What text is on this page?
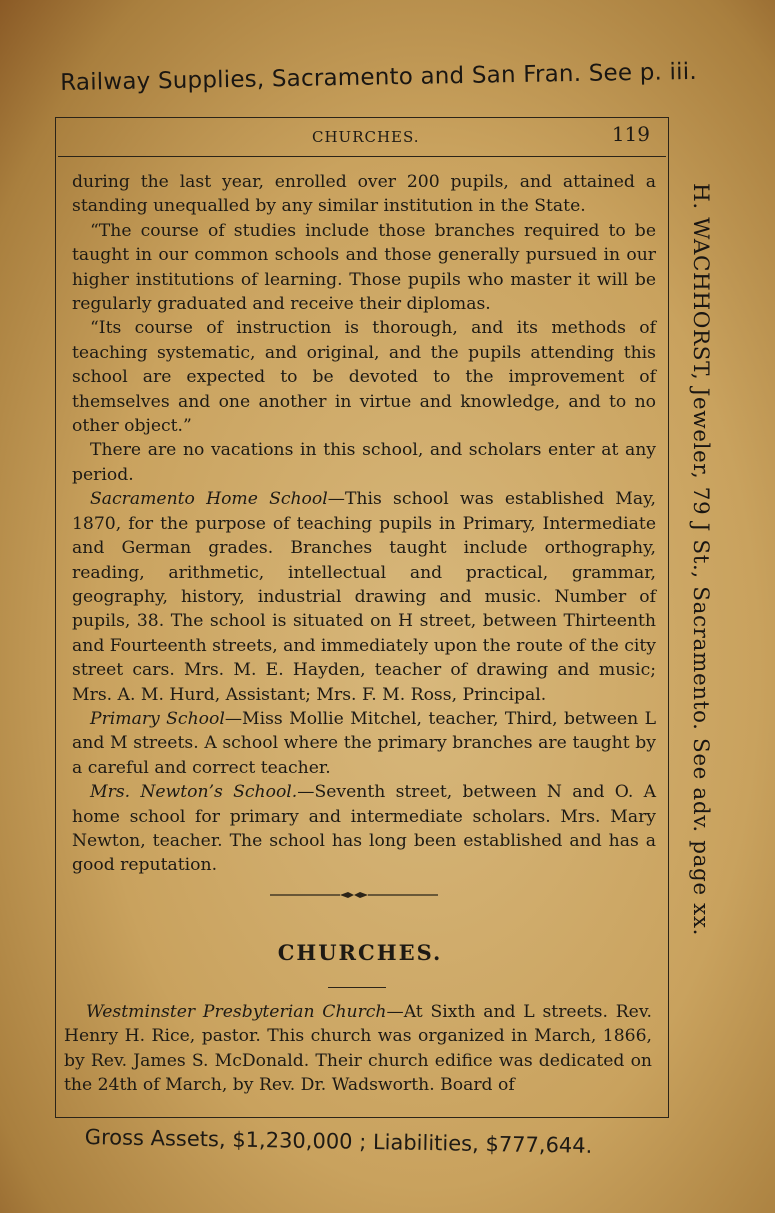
Railway Supplies, Sacramento and San Fran. See p. iii.
CHURCHES.	119

during the last year, enrolled over 200 pupils, and attained a standing unequalled by any similar institution in the State.

“The course of studies include those branches required to be taught in our common schools and those generally pursued in our higher institutions of learning. Those pupils who master it will be regularly graduated and receive their diplomas.

“Its course of instruction is thorough, and its methods of teaching systematic, and original, and the pupils attending this school are expected to be devoted to the improvement of themselves and one another in virtue and knowledge, and to no other object.”

There are no vacations in this school, and scholars enter at any period.

Sacramento Home School—This school was established May, 1870, for the purpose of teaching pupils in Primary, Intermediate and German grades. Branches taught include orthography, reading, arithmetic, intellectual and practical, grammar, geography, history, industrial drawing and music. Number of pupils, 38. The school is situated on H street, between Thirteenth and Fourteenth streets, and immediately upon the route of the city street cars. Mrs. M. E. Hayden, teacher of drawing and music; Mrs. A. M. Hurd, Assistant; Mrs. F. M. Ross, Principal.

Primary School—Miss Mollie Mitchel, teacher, Third, between L and M streets. A school where the primary branches are taught by a careful and correct teacher.

Mrs. Newton’s School.—Seventh street, between N and O. A home school for primary and intermediate scholars. Mrs. Mary Newton, teacher. The school has long been established and has a good reputation.

CHURCHES.

Westminster Presbyterian Church—At Sixth and L streets. Rev. Henry H. Rice, pastor. This church was organized in March, 1866, by Rev. James S. McDonald. Their church edifice was dedicated on the 24th of March, by Rev. Dr. Wadsworth. Board of

Gross Assets, $1,230,000 ; Liabilities, $777,644.
H. WACHHORST, Jeweler, 79 J St., Sacramento. See adv. page xx.
